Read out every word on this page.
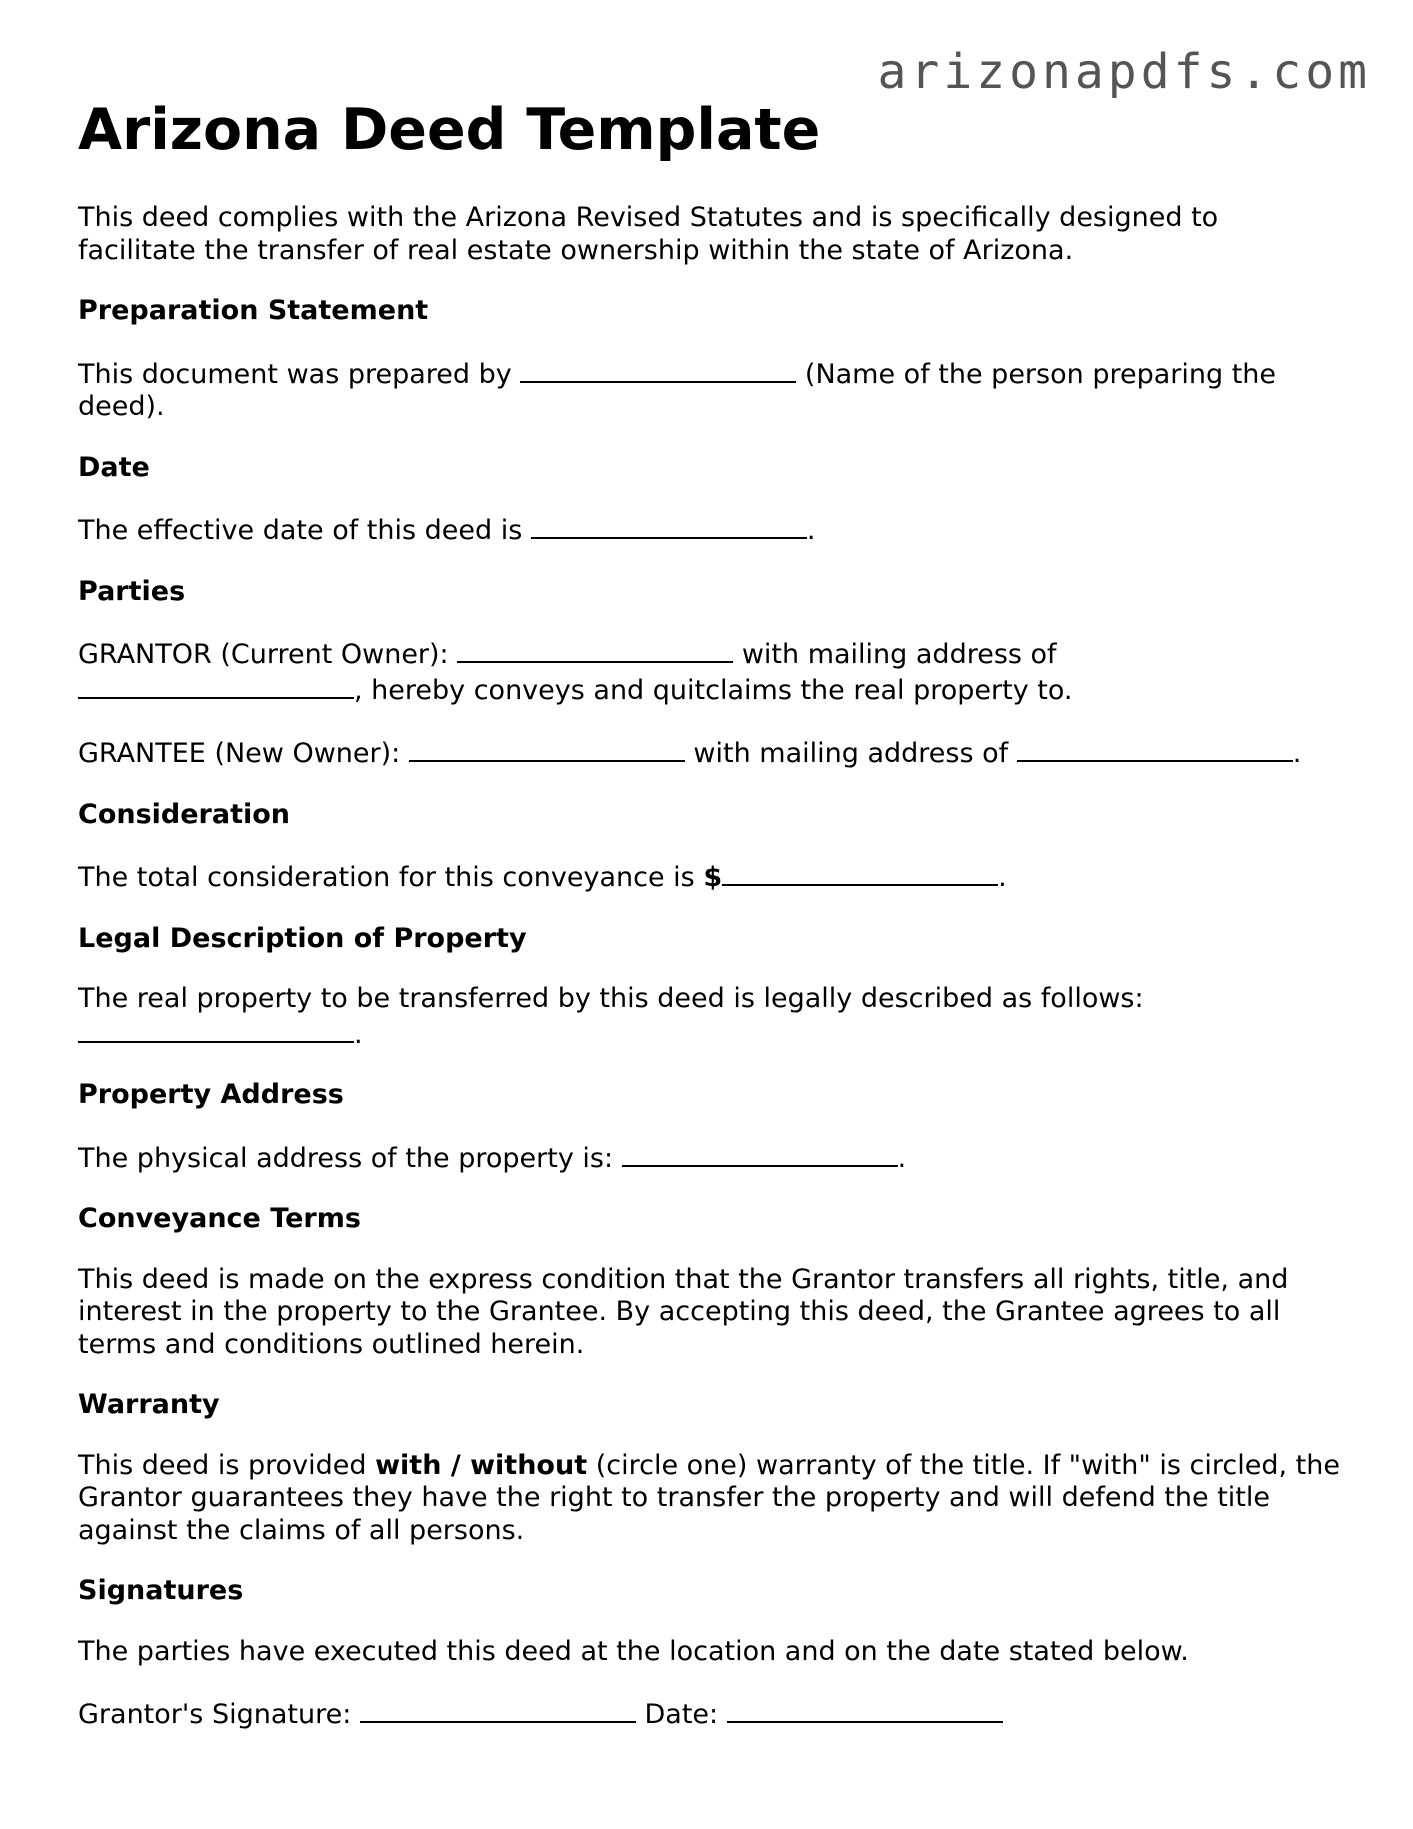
arizonapdfs.com
Arizona Deed Template

This deed complies with the Arizona Revised Statutes and is specifically designed to facilitate the transfer of real estate ownership within the state of Arizona.

Preparation Statement

This document was prepared by	(Name of the person preparing the deed).

Date

The effective date of this deed is	.

Parties

GRANTOR (Current Owner):	with mailing address of
, hereby conveys and quitclaims the real property to.

GRANTEE (New Owner):	with mailing address of	.

Consideration

The total consideration for this conveyance is $	.

Legal Description of Property

The real property to be transferred by this deed is legally described as follows:
.

Property Address

The physical address of the property is:	.

Conveyance Terms

This deed is made on the express condition that the Grantor transfers all rights, title, and interest in the property to the Grantee. By accepting this deed, the Grantee agrees to all terms and conditions outlined herein.

Warranty

This deed is provided with / without (circle one) warranty of the title. If "with" is circled, the Grantor guarantees they have the right to transfer the property and will defend the title against the claims of all persons.

Signatures

The parties have executed this deed at the location and on the date stated below.

Grantor's Signature:	Date:
